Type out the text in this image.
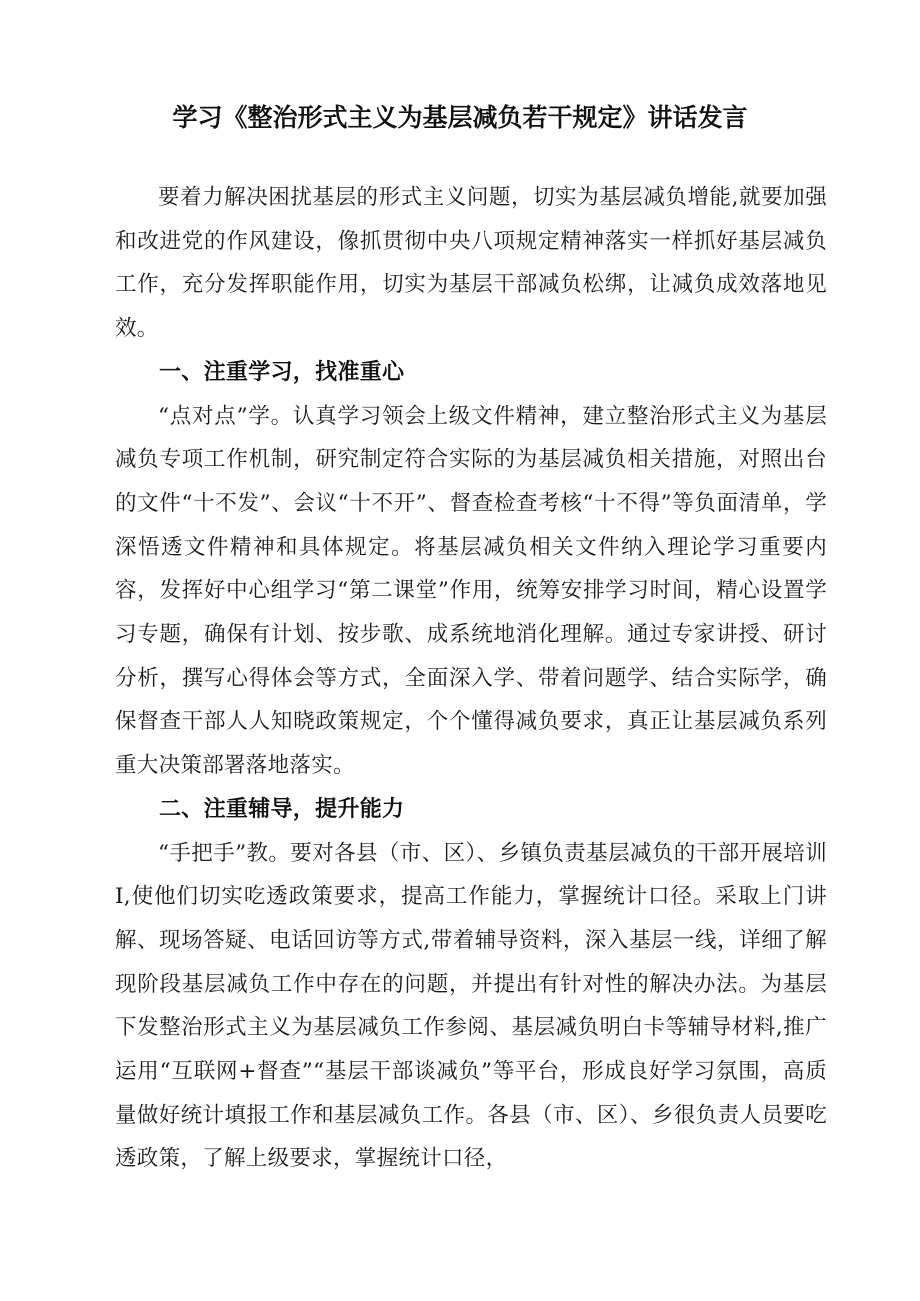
学习《整治形式主义为基层减负若干规定》讲话发言

要着力解决困扰基层的形式主义问题，切实为基层减负增能,就要加强和改进党的作风建设，像抓贯彻中央八项规定精神落实一样抓好基层减负工作，充分发挥职能作用，切实为基层干部减负松绑，让减负成效落地见效。

一、注重学习，找准重心

“点对点”学。认真学习领会上级文件精神，建立整治形式主义为基层减负专项工作机制，研究制定符合实际的为基层减负相关措施，对照出台的文件“十不发”、会议“十不开”、督查检查考核“十不得”等负面清单，学深悟透文件精神和具体规定。将基层减负相关文件纳入理论学习重要内容，发挥好中心组学习“第二课堂”作用，统筹安排学习时间，精心设置学习专题，确保有计划、按步歌、成系统地消化理解。通过专家讲授、研讨分析，撰写心得体会等方式，全面深入学、带着问题学、结合实际学，确保督查干部人人知晓政策规定，个个懂得减负要求，真正让基层减负系列重大决策部署落地落实。

二、注重辅导，提升能力

“手把手”教。要对各县（市、区）、乡镇负责基层减负的干部开展培训I,使他们切实吃透政策要求，提高工作能力，掌握统计口径。采取上门讲解、现场答疑、电话回访等方式,带着辅导资料，深入基层一线，详细了解现阶段基层减负工作中存在的问题，并提出有针对性的解决办法。为基层下发整治形式主义为基层减负工作参阅、基层减负明白卡等辅导材料,推广运用“互联网+督查”“基层干部谈减负”等平台，形成良好学习氛围，高质量做好统计填报工作和基层减负工作。各县（市、区）、乡很负责人员要吃透政策，了解上级要求，掌握统计口径，
